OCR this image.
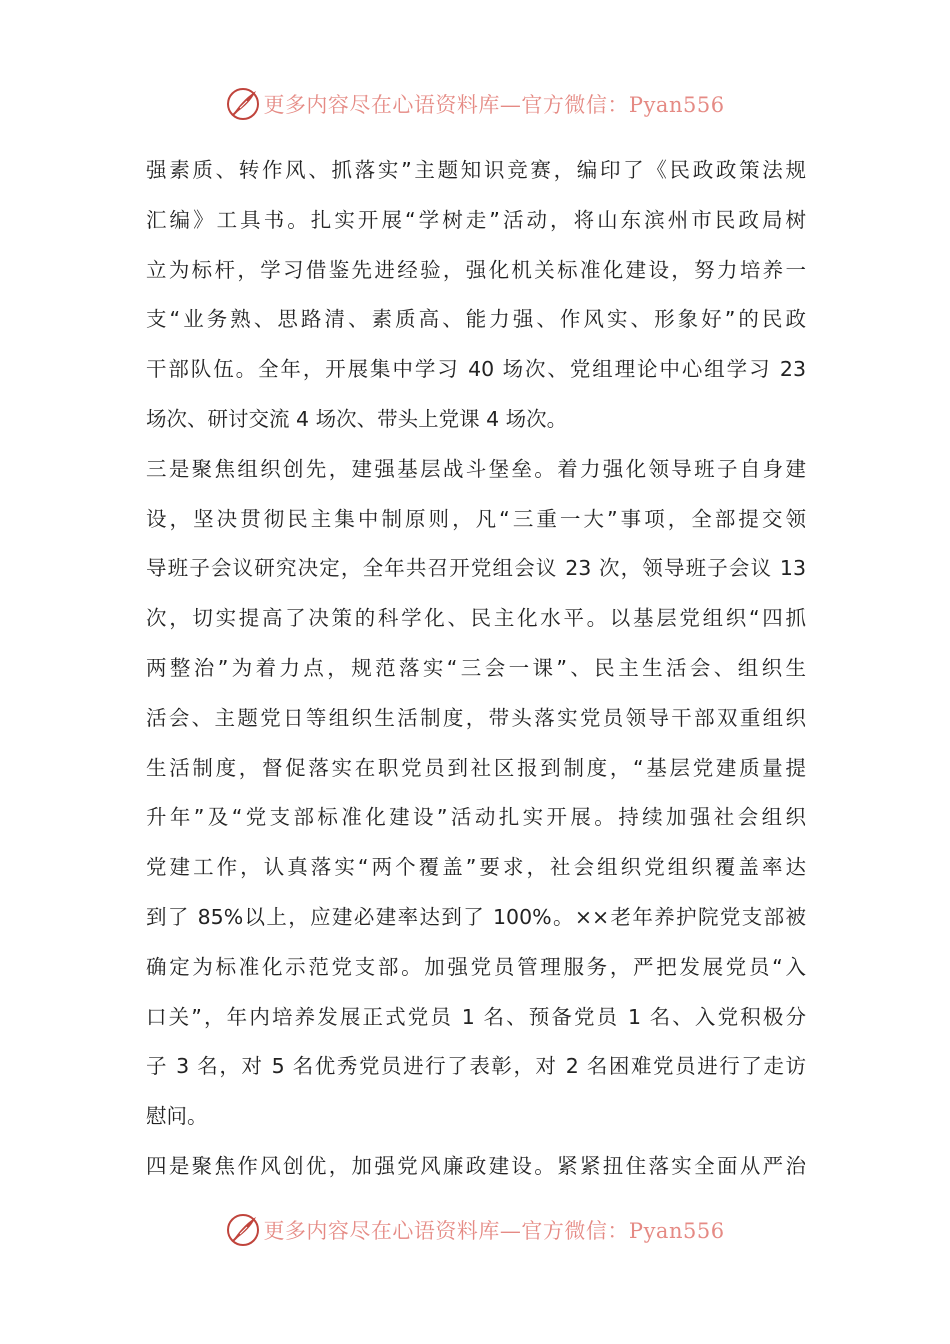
更多内容尽在心语资料库—官方微信：Pyan556
强素质、转作风、抓落实”主题知识竞赛，编印了《民政政策法规
汇编》工具书。扎实开展“学树走”活动，将山东滨州市民政局树
立为标杆，学习借鉴先进经验，强化机关标准化建设，努力培养一
支“业务熟、思路清、素质高、能力强、作风实、形象好”的民政
干部队伍。全年，开展集中学习 40 场次、党组理论中心组学习 23
场次、研讨交流 4 场次、带头上党课 4 场次。
三是聚焦组织创先，建强基层战斗堡垒。着力强化领导班子自身建
设，坚决贯彻民主集中制原则，凡“三重一大”事项，全部提交领
导班子会议研究决定，全年共召开党组会议 23 次，领导班子会议 13
次，切实提高了决策的科学化、民主化水平。以基层党组织“四抓
两整治”为着力点，规范落实“三会一课”、民主生活会、组织生
活会、主题党日等组织生活制度，带头落实党员领导干部双重组织
生活制度，督促落实在职党员到社区报到制度，“基层党建质量提
升年”及“党支部标准化建设”活动扎实开展。持续加强社会组织
党建工作，认真落实“两个覆盖”要求，社会组织党组织覆盖率达
到了 85%以上，应建必建率达到了 100%。××老年养护院党支部被
确定为标准化示范党支部。加强党员管理服务，严把发展党员“入
口关”，年内培养发展正式党员 1 名、预备党员 1 名、入党积极分
子 3 名，对 5 名优秀党员进行了表彰，对 2 名困难党员进行了走访
慰问。
四是聚焦作风创优，加强党风廉政建设。紧紧扭住落实全面从严治
更多内容尽在心语资料库—官方微信：Pyan556
